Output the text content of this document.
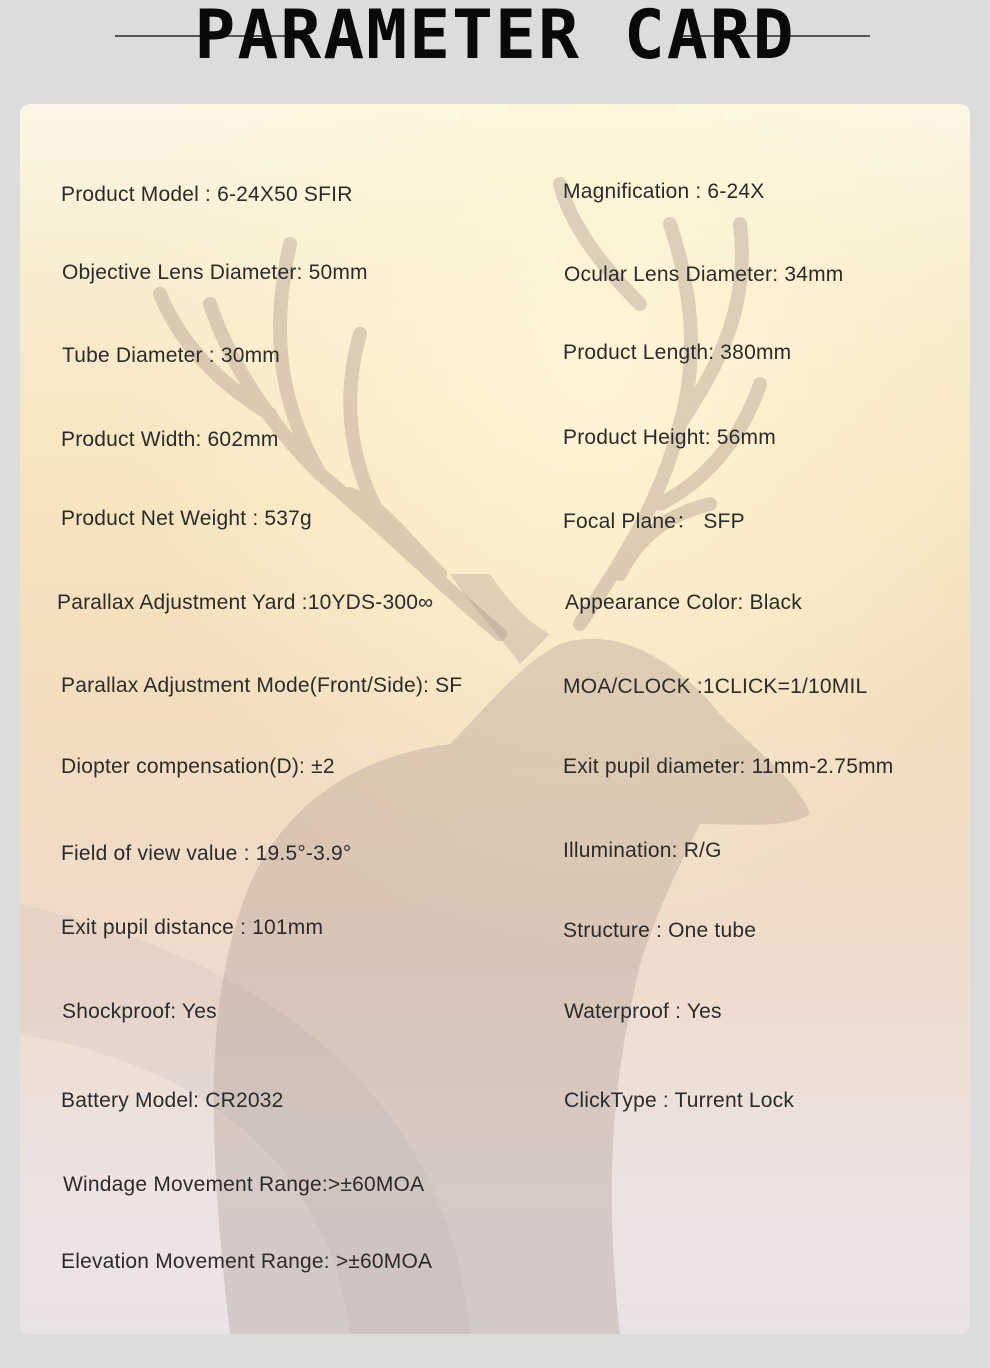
PARAMETER CARD
Product Model : 6-24X50 SFIR	Magnification : 6-24X
Objective Lens Diameter: 50mm	Ocular Lens Diameter: 34mm
Tube Diameter : 30mm	Product Length: 380mm
Product Width: 602mm	Product Height: 56mm
Product Net Weight : 537g	Focal Plane： SFP
Parallax Adjustment Yard :10YDS-300∞	Appearance Color: Black
Parallax Adjustment Mode(Front/Side): SF	MOA/CLOCK :1CLICK=1/10MIL
Diopter compensation(D): ±2	Exit pupil diameter: 11mm-2.75mm
Field of view value : 19.5°-3.9°	Illumination: R/G
Exit pupil distance : 101mm	Structure : One tube
Shockproof: Yes	Waterproof : Yes
Battery Model: CR2032	ClickType : Turrent Lock
Windage Movement Range:>±60MOA
Elevation Movement Range: >±60MOA
